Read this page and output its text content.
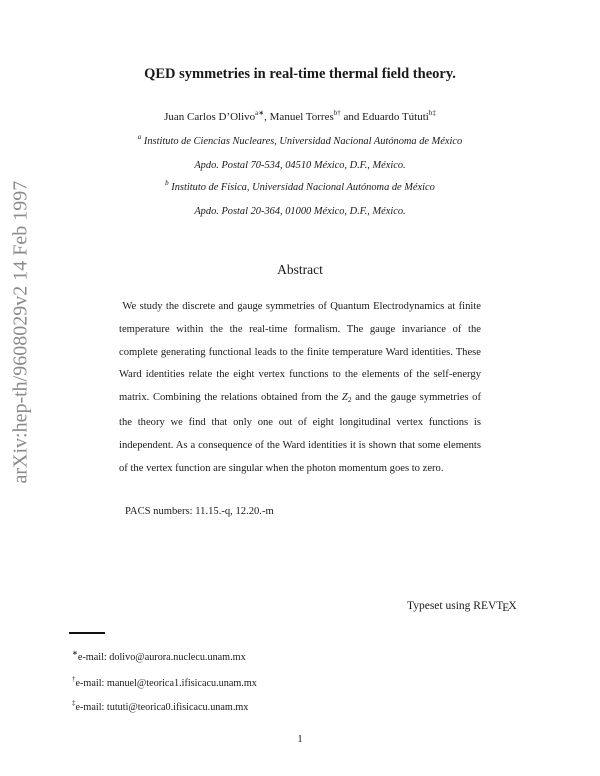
arXiv:hep-th/9608029v2 14 Feb 1997
QED symmetries in real-time thermal field theory.
Juan Carlos D’Olivo$^{a∗}$, Manuel Torres$^{b\dagger}$ and Eduardo Tútuti$^{b\ddagger}$
$^a$ Instituto de Ciencias Nucleares, Universidad Nacional Autónoma de México
Apdo. Postal 70-534, 04510 México, D.F., México.
$^b$ Instituto de Física, Universidad Nacional Autónoma de México
Apdo. Postal 20-364, 01000 México, D.F., México.
Abstract
We study the discrete and gauge symmetries of Quantum Electrodynamics at finite temperature within the the real-time formalism. The gauge invariance of the complete generating functional leads to the finite temperature Ward identities. These Ward identities relate the eight vertex functions to the elements of the self-energy matrix. Combining the relations obtained from the $Z_2$ and the gauge symmetries of the theory we find that only one out of eight longitudinal vertex functions is independent. As a consequence of the Ward identities it is shown that some elements of the vertex function are singular when the photon momentum goes to zero.
PACS numbers: 11.15.-q, 12.20.-m
Typeset using REVTEX
∗e-mail: dolivo@aurora.nuclecu.unam.mx
†e-mail: manuel@teorica1.ifisicacu.unam.mx
‡e-mail: tututi@teorica0.ifisicacu.unam.mx
1
